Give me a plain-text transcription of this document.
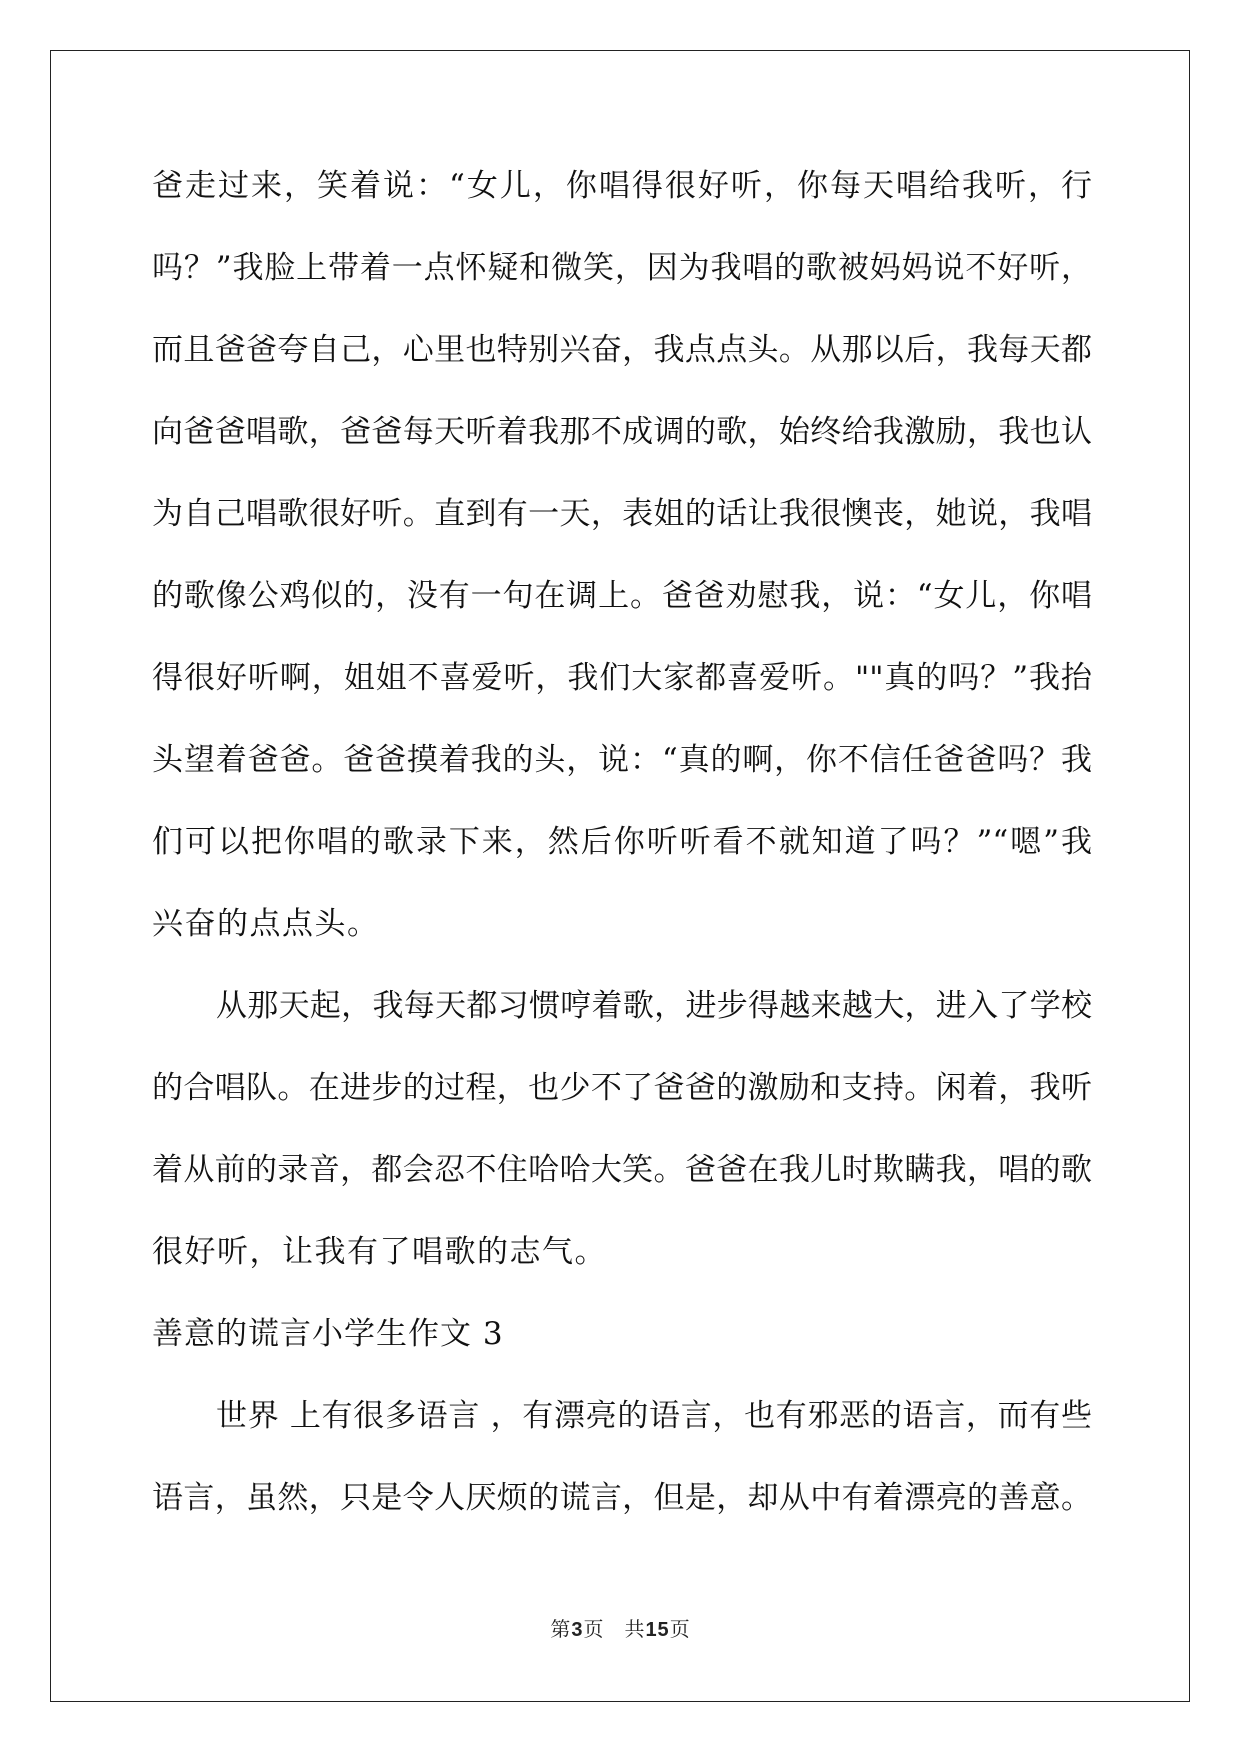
爸走过来，笑着说：“女儿，你唱得很好听，你每天唱给我听，行
吗？”我脸上带着一点怀疑和微笑，因为我唱的歌被妈妈说不好听，
而且爸爸夸自己，心里也特别兴奋，我点点头。从那以后，我每天都
向爸爸唱歌，爸爸每天听着我那不成调的歌，始终给我激励，我也认
为自己唱歌很好听。直到有一天，表姐的话让我很懊丧，她说，我唱
的歌像公鸡似的，没有一句在调上。爸爸劝慰我，说：“女儿，你唱
得很好听啊，姐姐不喜爱听，我们大家都喜爱听。""真的吗？”我抬
头望着爸爸。爸爸摸着我的头，说：“真的啊，你不信任爸爸吗？我
们可以把你唱的歌录下来，然后你听听看不就知道了吗？”“嗯”我
兴奋的点点头。
从那天起，我每天都习惯哼着歌，进步得越来越大，进入了学校
的合唱队。在进步的过程，也少不了爸爸的激励和支持。闲着，我听
着从前的录音，都会忍不住哈哈大笑。爸爸在我儿时欺瞒我，唱的歌
很好听，让我有了唱歌的志气。
善意的谎言小学生作文 3
世界 上有很多语言 ，有漂亮的语言，也有邪恶的语言，而有些
语言，虽然，只是令人厌烦的谎言，但是，却从中有着漂亮的善意。
第3页 共15页
